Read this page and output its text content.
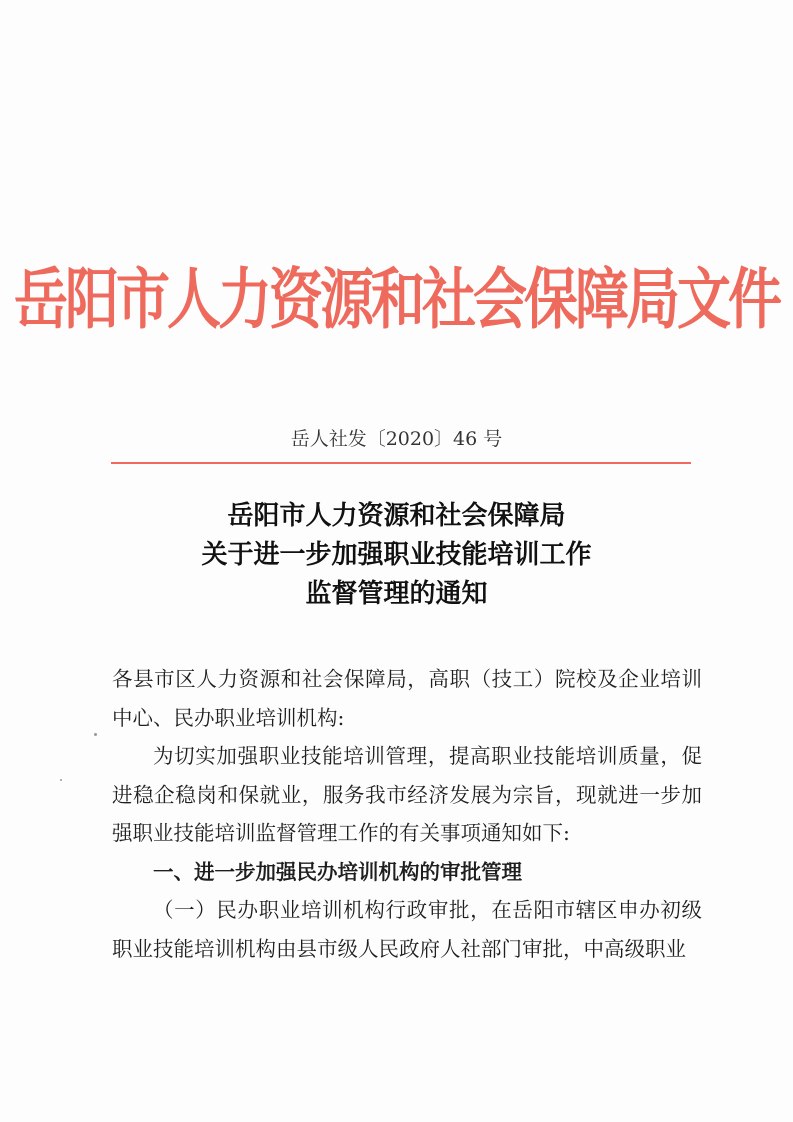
岳阳市人力资源和社会保障局文件
岳人社发〔2020〕46 号
岳阳市人力资源和社会保障局
关于进一步加强职业技能培训工作
监督管理的通知

各县市区人力资源和社会保障局，高职（技工）院校及企业培训中心、民办职业培训机构:

为切实加强职业技能培训管理，提高职业技能培训质量，促进稳企稳岗和保就业，服务我市经济发展为宗旨，现就进一步加强职业技能培训监督管理工作的有关事项通知如下:

一、进一步加强民办培训机构的审批管理

（一）民办职业培训机构行政审批，在岳阳市辖区申办初级职业技能培训机构由县市级人民政府人社部门审批，中高级职业
